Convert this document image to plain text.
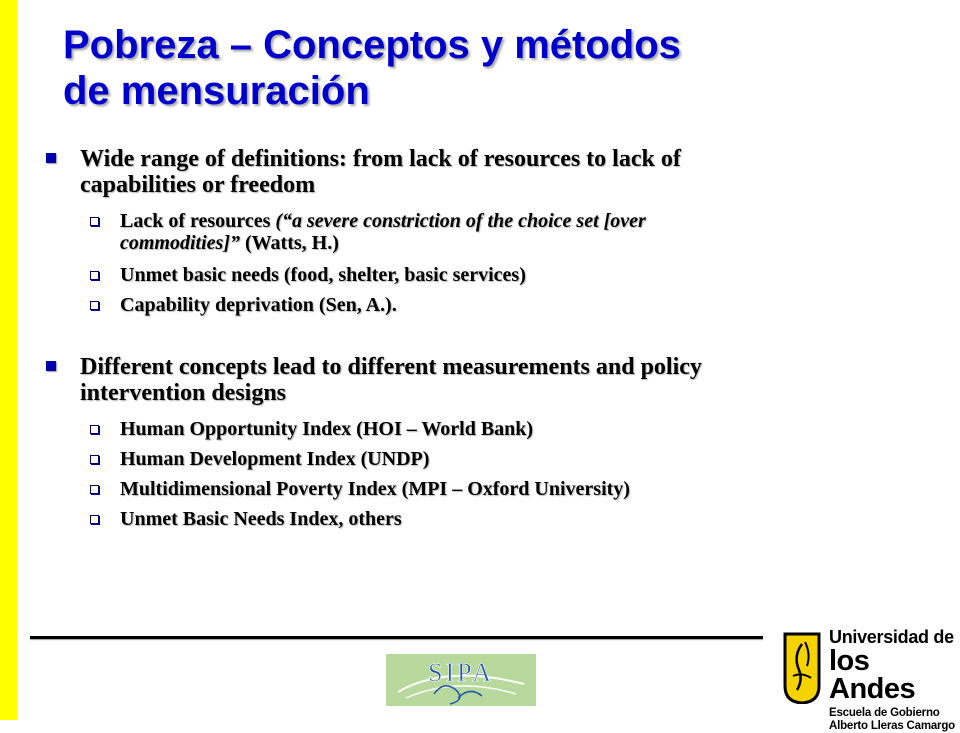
Pobreza – Conceptos y métodos
de mensuración
Wide range of definitions: from lack of resources to lack of
capabilities or freedom
Lack of resources (“a severe constriction of the choice set [over
commodities]” (Watts, H.)
Unmet basic needs (food, shelter, basic services)
Capability deprivation (Sen, A.).
Different concepts lead to different measurements and policy
intervention designs
Human Opportunity Index (HOI – World Bank)
Human Development Index (UNDP)
Multidimensional Poverty Index (MPI – Oxford University)
Unmet Basic Needs Index, others
SIPA
Universidad de
los Andes
Escuela de Gobierno
Alberto Lleras Camargo
